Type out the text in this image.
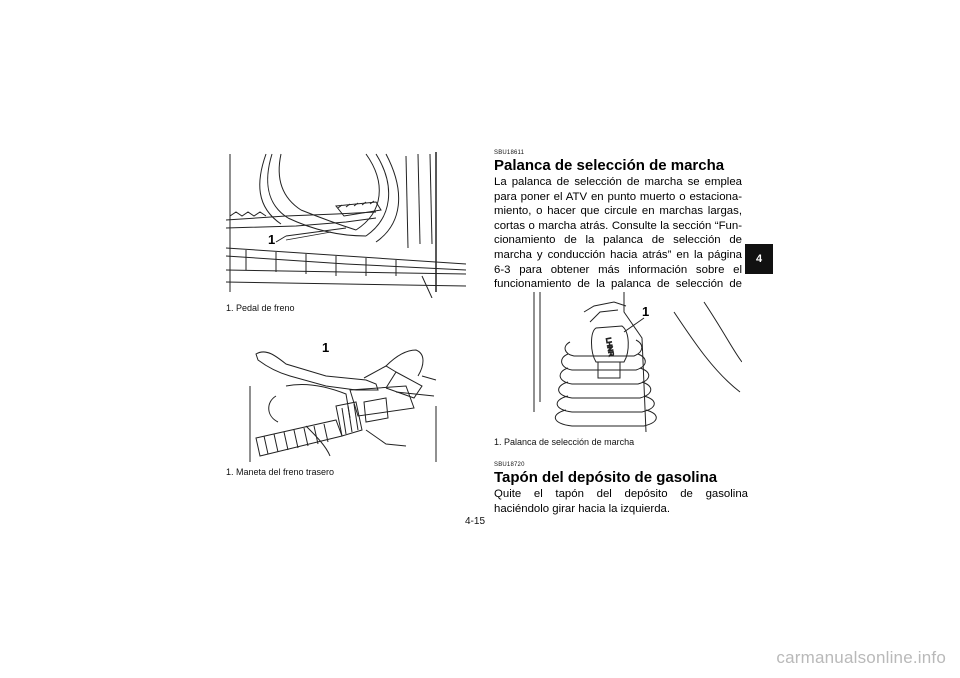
1
1. Pedal de freno
1
1. Maneta del freno trasero
SBU18611
Palanca de selección de marcha

La palanca de selección de marcha se emplea para poner el ATV en punto muerto o estaciona-miento, o hacer que circule en marchas largas, cortas o marcha atrás. Consulte la sección “Fun-cionamiento de la palanca de selección de marcha y conducción hacia atrás” en la página 6-3 para obtener más información sobre el funcionamiento de la palanca de selección de

LHNR
1
1. Palanca de selección de marcha
SBU18720
Tapón del depósito de gasolina

Quite el tapón del depósito de gasolina haciéndolo girar hacia la izquierda.

4
4-15
carmanualsonline.info
